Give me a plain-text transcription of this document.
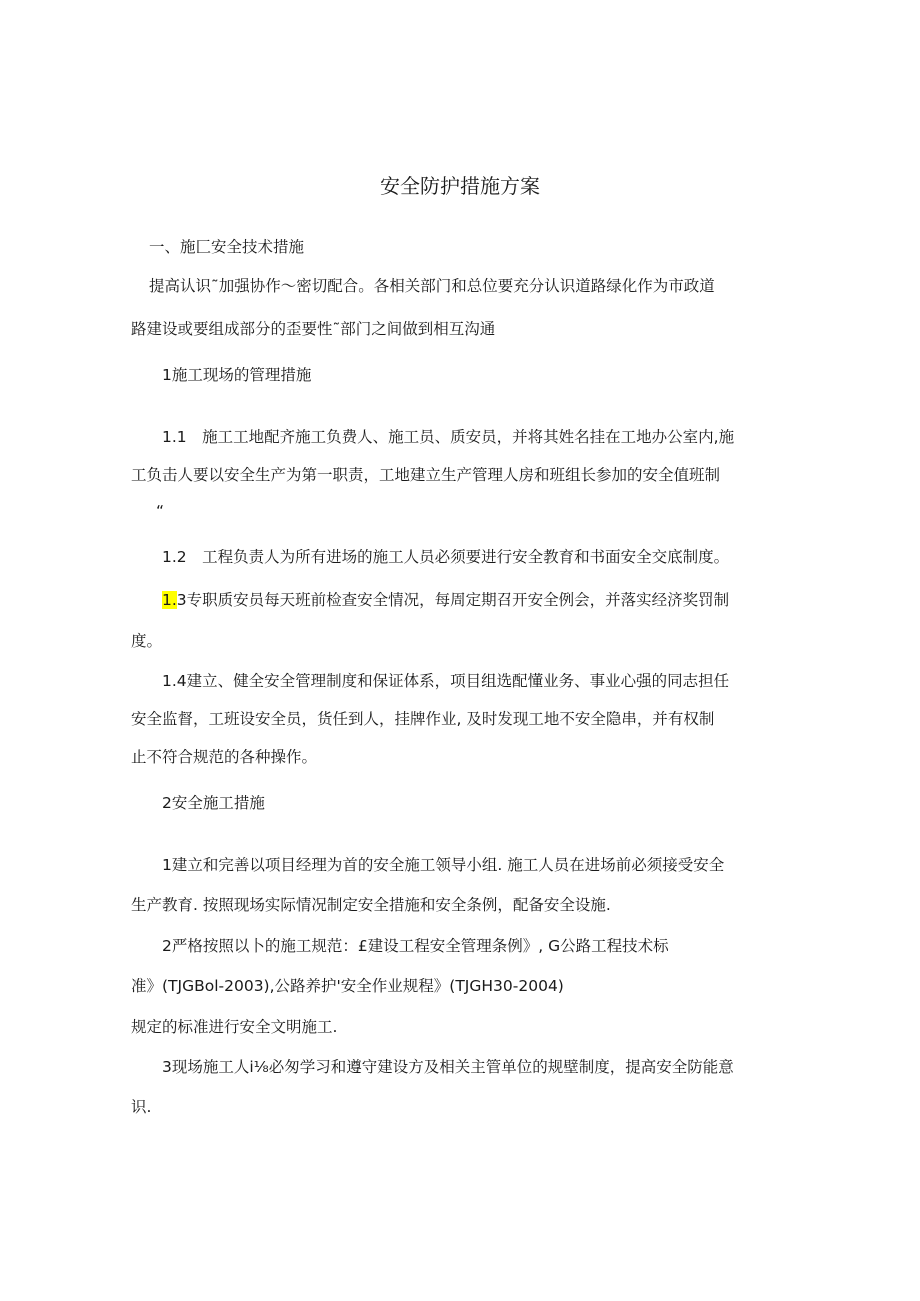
安全防护措施方案
一、施匚安全技术措施
提高认识˜加强协作～密切配合。各相关部门和总位要充分认识道路绿化作为市政道
路建设或要组成部分的歪要性˜部门之间做到相互沟通
1施工现场的管理措施
1.1　施工工地配齐施工负费人、施工员、质安员，并将其姓名挂在工地办公室内,施
工负击人要以安全生产为第一职责，工地建立生产管理人房和班组长参加的安全值班制
“
1.2　工程负责人为所有进场的施工人员必须要进行安全教育和书面安全交底制度。
1.3专职质安员每天班前检查安全情况，每周定期召开安全例会，并落实经济奖罚制
度。
1.4建立、健全安全管理制度和保证体系，项目组选配懂业务、事业心强的同志担任
安全监督，工班设安全员，货任到人，挂牌作业, 及时发现工地不安全隐串，并有权制
止不符合规范的各种操作。
2安全施工措施
1建立和完善以项目经理为首的安全施工领导小组. 施工人员在进场前必须接受安全
生产教育. 按照现场实际情况制定安全措施和安全条例，配备安全设施.
2严格按照以卜的施工规范：£建设工程安全管理条例》, G公路工程技术标
准》(TJGBol-2003),公路养护'安全作业规程》(TJGH30-2004)
规定的标准进行安全文明施工.
3现场施工人i⅛必匆学习和遵守建设方及相关主管单位的规壁制度，提高安全防能意
识.
